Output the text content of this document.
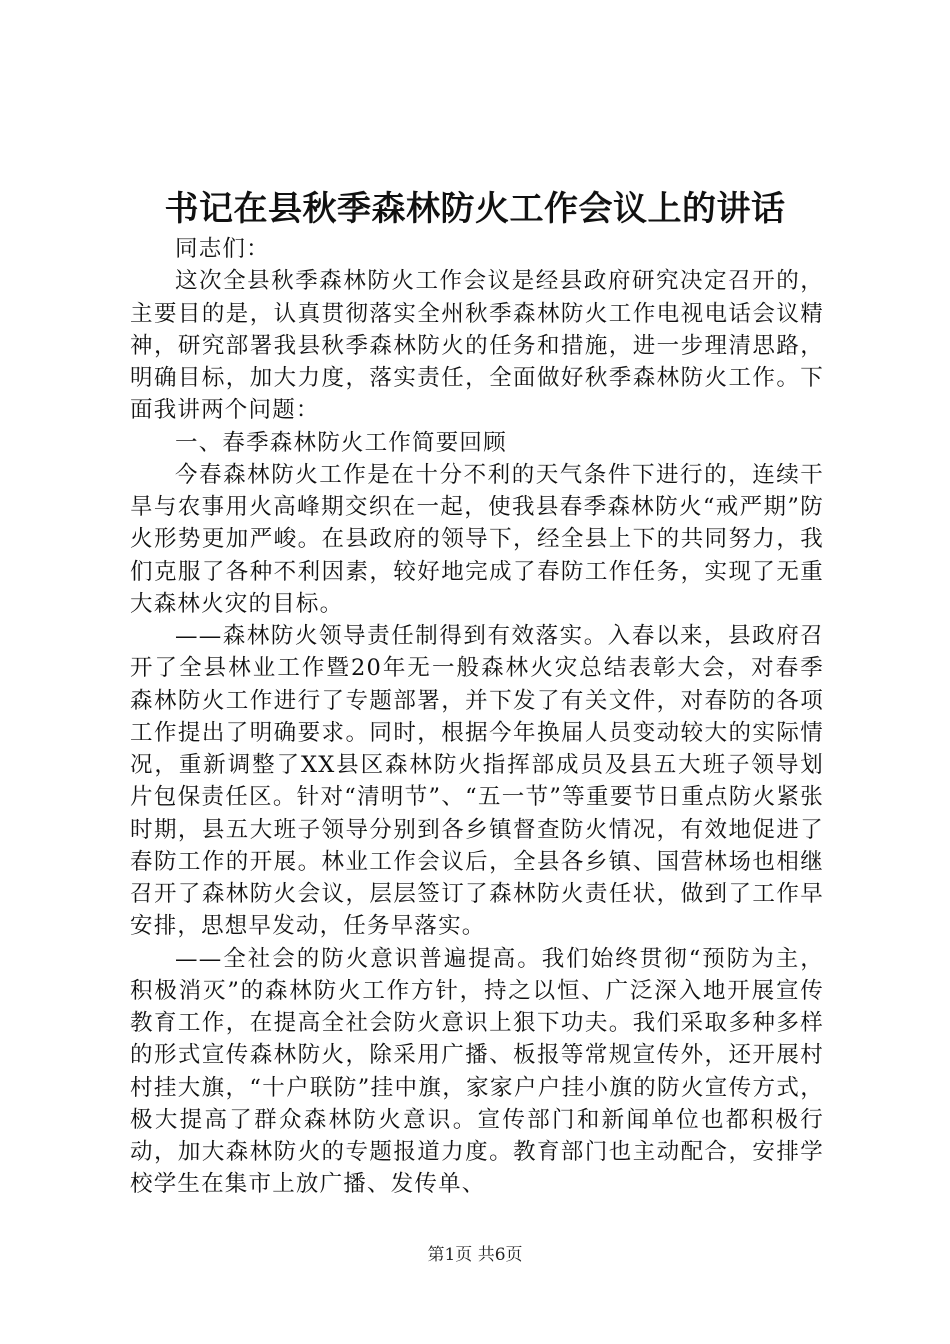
书记在县秋季森林防火工作会议上的讲话

同志们：

这次全县秋季森林防火工作会议是经县政府研究决定召开的，主要目的是，认真贯彻落实全州秋季森林防火工作电视电话会议精神，研究部署我县秋季森林防火的任务和措施，进一步理清思路，明确目标，加大力度，落实责任，全面做好秋季森林防火工作。下面我讲两个问题：

一、春季森林防火工作简要回顾

今春森林防火工作是在十分不利的天气条件下进行的，连续干旱与农事用火高峰期交织在一起，使我县春季森林防火“戒严期”防火形势更加严峻。在县政府的领导下，经全县上下的共同努力，我们克服了各种不利因素，较好地完成了春防工作任务，实现了无重大森林火灾的目标。

——森林防火领导责任制得到有效落实。入春以来，县政府召开了全县林业工作暨20年无一般森林火灾总结表彰大会，对春季森林防火工作进行了专题部署，并下发了有关文件，对春防的各项工作提出了明确要求。同时，根据今年换届人员变动较大的实际情况，重新调整了XX县区森林防火指挥部成员及县五大班子领导划片包保责任区。针对“清明节”、“五一节”等重要节日重点防火紧张时期，县五大班子领导分别到各乡镇督查防火情况，有效地促进了春防工作的开展。林业工作会议后，全县各乡镇、国营林场也相继召开了森林防火会议，层层签订了森林防火责任状，做到了工作早安排，思想早发动，任务早落实。

——全社会的防火意识普遍提高。我们始终贯彻“预防为主，积极消灭”的森林防火工作方针，持之以恒、广泛深入地开展宣传教育工作，在提高全社会防火意识上狠下功夫。我们采取多种多样的形式宣传森林防火，除采用广播、板报等常规宣传外，还开展村村挂大旗，“十户联防”挂中旗，家家户户挂小旗的防火宣传方式，极大提高了群众森林防火意识。宣传部门和新闻单位也都积极行动，加大森林防火的专题报道力度。教育部门也主动配合，安排学校学生在集市上放广播、发传单、

第1页 共6页
